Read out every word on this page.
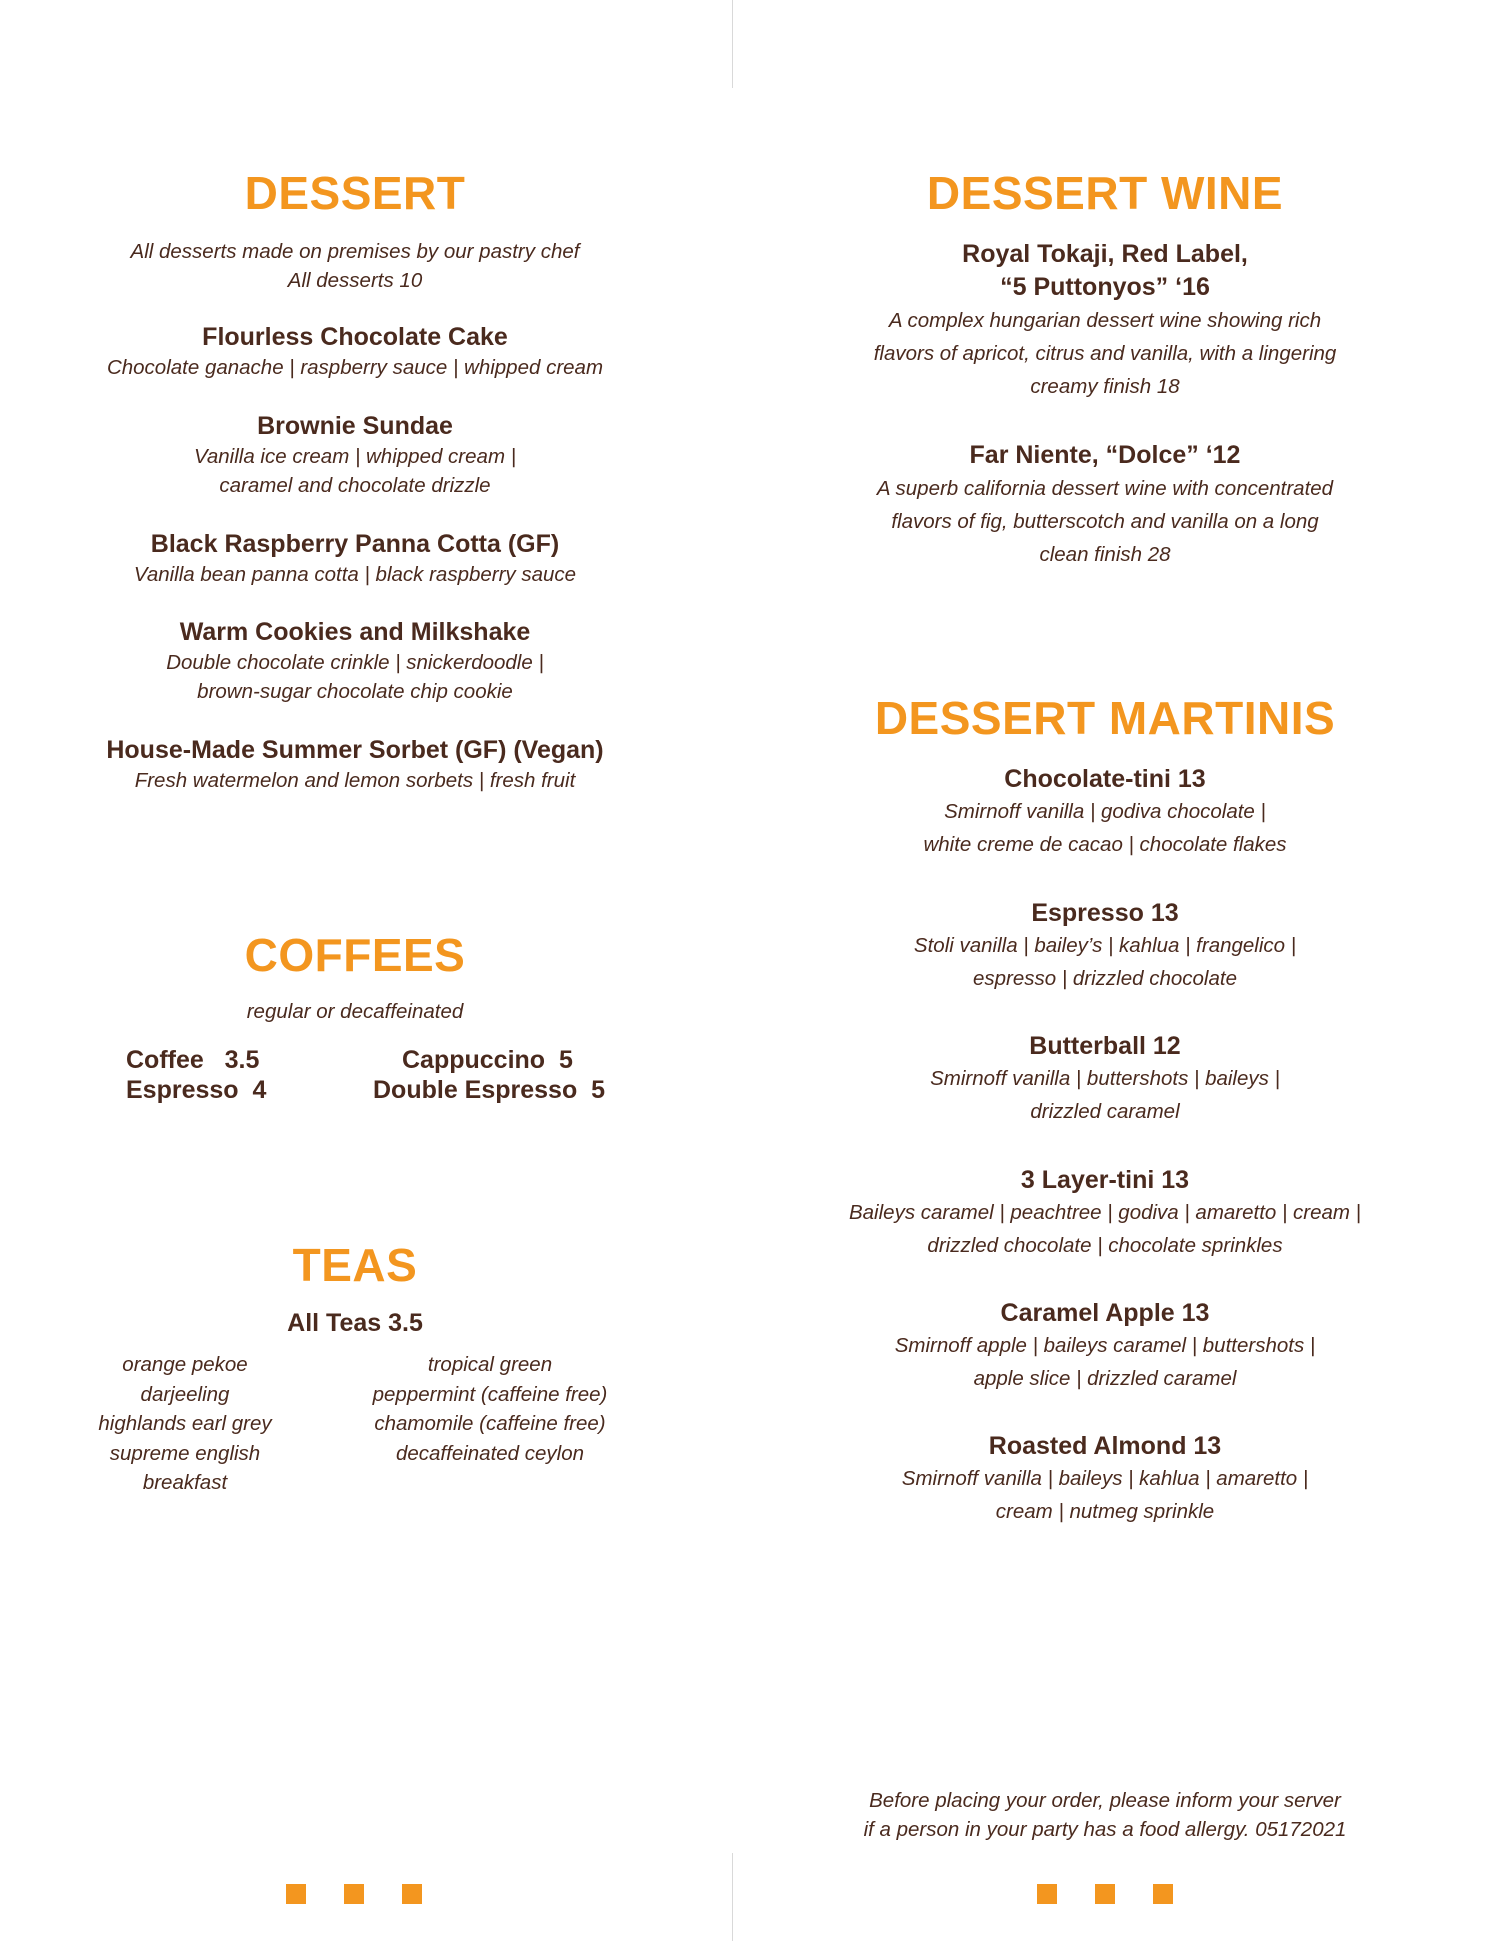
DESSERT
All desserts made on premises by our pastry chef
All desserts 10
Flourless Chocolate Cake
Chocolate ganache | raspberry sauce | whipped cream
Brownie Sundae
Vanilla ice cream | whipped cream |
caramel and chocolate drizzle
Black Raspberry Panna Cotta (GF)
Vanilla bean panna cotta | black raspberry sauce
Warm Cookies and Milkshake
Double chocolate crinkle | snickerdoodle |
brown-sugar chocolate chip cookie
House-Made Summer Sorbet (GF) (Vegan)
Fresh watermelon and lemon sorbets | fresh fruit
COFFEES
regular or decaffeinated
Coffee   3.5	Cappuccino  5
Espresso  4	Double Espresso  5
TEAS
All Teas 3.5
orange pekoe
darjeeling
highlands earl grey
supreme english
breakfast
tropical green
peppermint (caffeine free)
chamomile (caffeine free)
decaffeinated ceylon
DESSERT WINE
Royal Tokaji, Red Label,
“5 Puttonyos” ‘16
A complex hungarian dessert wine showing rich
flavors of apricot, citrus and vanilla, with a lingering
creamy finish 18
Far Niente, “Dolce” ‘12
A superb california dessert wine with concentrated
flavors of fig, butterscotch and vanilla on a long
clean finish 28
DESSERT MARTINIS
Chocolate-tini 13
Smirnoff vanilla | godiva chocolate |
white creme de cacao | chocolate flakes
Espresso 13
Stoli vanilla | bailey’s | kahlua | frangelico |
espresso | drizzled chocolate
Butterball 12
Smirnoff vanilla | buttershots | baileys |
drizzled caramel
3 Layer-tini 13
Baileys caramel | peachtree | godiva | amaretto | cream |
drizzled chocolate | chocolate sprinkles
Caramel Apple 13
Smirnoff apple | baileys caramel | buttershots |
apple slice | drizzled caramel
Roasted Almond 13
Smirnoff vanilla | baileys | kahlua | amaretto |
cream | nutmeg sprinkle
Before placing your order, please inform your server
if a person in your party has a food allergy. 05172021
